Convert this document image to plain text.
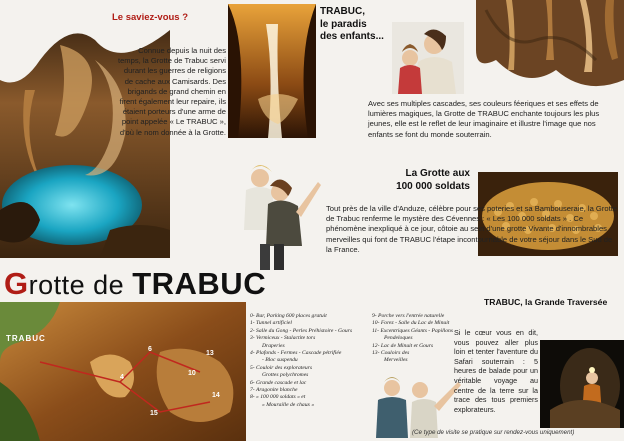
TRABUC
4
6
10
13
14
15
Le saviez-vous ?
Connue depuis la nuit des temps, la Grotte de Trabuc servi durant les guerres de religions de cache aux Camisards. Des brigands de grand chemin en firent également leur repaire, ils étaient porteurs d'une arme de point appelée « Le TRABUC », d'où le nom donnée à la Grotte.
TRABUC,
le paradis
des enfants...
Avec ses multiples cascades, ses couleurs féeriques et ses effets de lumières magiques, la Grotte de TRABUC enchante toujours les plus jeunes, elle est le reflet de leur imaginaire et illustre l'image que nos enfants se font du monde souterrain.
La Grotte aux
100 000 soldats
Tout près de la ville d'Anduze, célèbre pour ses poteries et sa Bambouseraie, la Grotte de Trabuc renferme le mystère des Cévennes : « Les 100 000 soldats » . Ce phénomène inexpliqué à ce jour, côtoie au sein d'une grotte Vivante d'innombrables merveilles qui font de TRABUC l'étape incontournable de votre séjour dans le Sud de la France.
Grotte de TRABUC
0- Bar, Parking 600 places gratuit
1- Tunnel artificiel
2- Salle du Gong - Perles Préhistoire - Gours
3- Vermiceux - Stalactite tors
Draperies
4- Plafonds - Fermes - Cascade pétrifiée
- Bloc suspendu
5- Couloir des explorateurs
Grottes polychromes
6- Grande cascade et lac
7- Aragonite blanche
8- « 100 000 soldats » et
« Mouraille de chaux »
9- Porche vers l'entrée naturelle
10- Forez - Salle du Lac de Minuit
11- Excentriques Géants - Papillons
Pendeloques
12- Lac de Minuit et Gours
13- Couloirs des
Merveilles
TRABUC, la Grande Traversée
Si le cœur vous en dit, vous pouvez aller plus loin et tenter l'aventure du Safari souterrain : 5 heures de balade pour un véritable voyage au centre de la terre sur la trace des tous premiers explorateurs.
(Ce type de visite se pratique sur rendez-vous uniquement)
